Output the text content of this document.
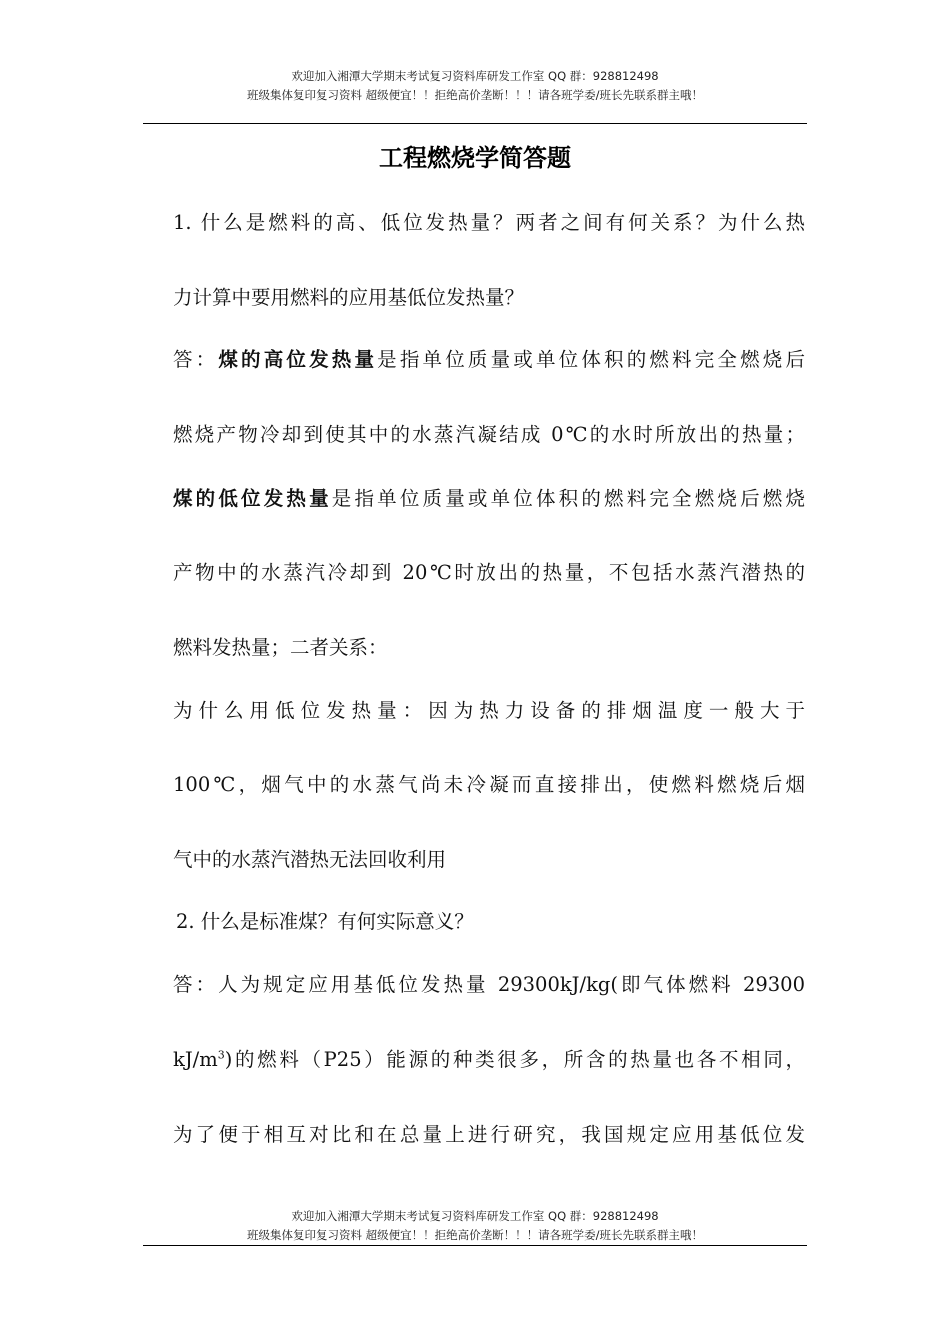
欢迎加入湘潭大学期末考试复习资料库研发工作室 QQ 群：928812498
班级集体复印复习资料 超级便宜！！拒绝高价垄断！！！请各班学委/班长先联系群主哦！
工程燃烧学简答题
1. 什么是燃料的高、低位发热量？两者之间有何关系？为什么热
力计算中要用燃料的应用基低位发热量？
答：煤的高位发热量是指单位质量或单位体积的燃料完全燃烧后
燃烧产物冷却到使其中的水蒸汽凝结成 0℃的水时所放出的热量；
煤的低位发热量是指单位质量或单位体积的燃料完全燃烧后燃烧
产物中的水蒸汽冷却到 20℃时放出的热量，不包括水蒸汽潜热的
燃料发热量；二者关系：
为什么用低位发热量：因为热力设备的排烟温度一般大于
100℃，烟气中的水蒸气尚未冷凝而直接排出，使燃料燃烧后烟
气中的水蒸汽潜热无法回收利用
2. 什么是标准煤？有何实际意义？
答：人为规定应用基低位发热量 29300kJ/kg(即气体燃料 29300
$kJ/m^3$)的燃料（P25）能源的种类很多，所含的热量也各不相同，
为了便于相互对比和在总量上进行研究，我国规定应用基低位发
欢迎加入湘潭大学期末考试复习资料库研发工作室 QQ 群：928812498
班级集体复印复习资料 超级便宜！！拒绝高价垄断！！！请各班学委/班长先联系群主哦！
